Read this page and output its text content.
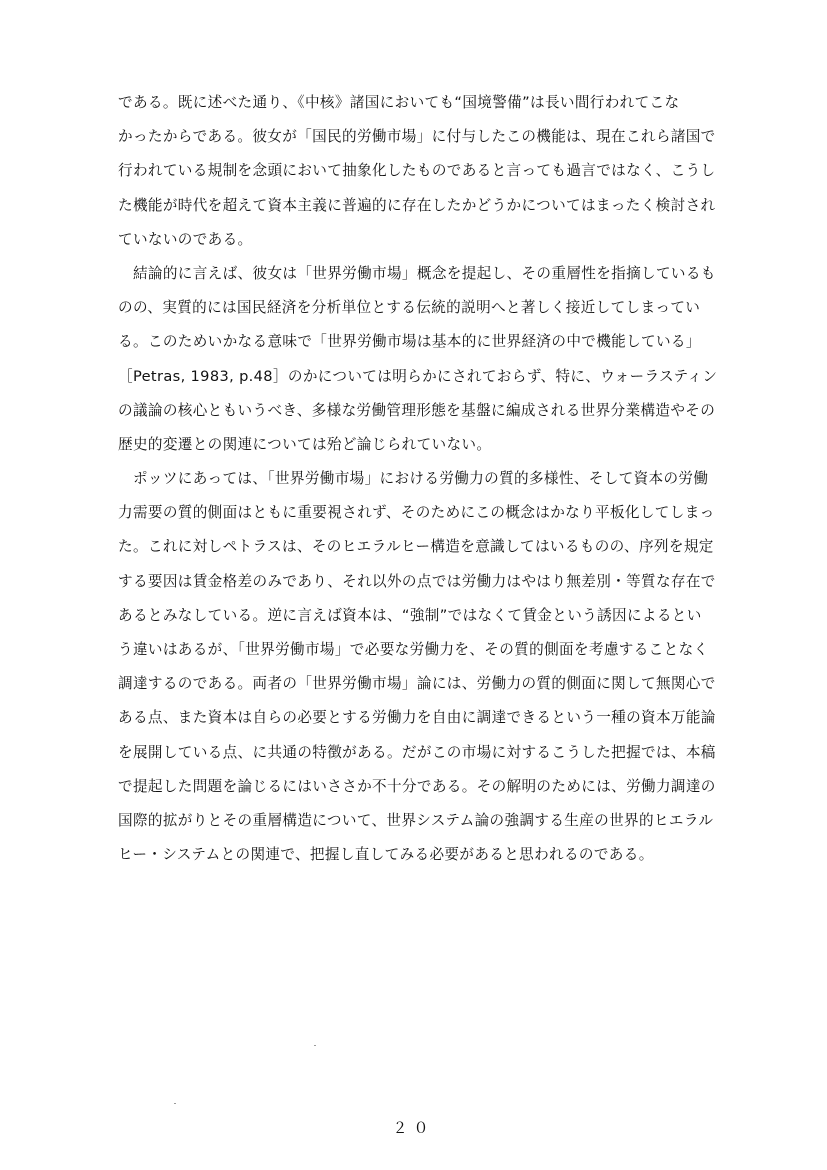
である。既に述べた通り、《中核》諸国においても“国境警備”は長い間行われてこな
かったからである。彼女が「国民的労働市場」に付与したこの機能は、現在これら諸国で
行われている規制を念頭において抽象化したものであると言っても過言ではなく、こうし
た機能が時代を超えて資本主義に普遍的に存在したかどうかについてはまったく検討され
ていないのである。
　結論的に言えば、彼女は「世界労働市場」概念を提起し、その重層性を指摘しているも
のの、実質的には国民経済を分析単位とする伝統的説明へと著しく接近してしまってい
る。このためいかなる意味で「世界労働市場は基本的に世界経済の中で機能している」
［Petras, 1983, p.48］のかについては明らかにされておらず、特に、ウォーラスティン
の議論の核心ともいうべき、多様な労働管理形態を基盤に編成される世界分業構造やその
歴史的変遷との関連については殆ど論じられていない。
　ポッツにあっては、「世界労働市場」における労働力の質的多様性、そして資本の労働
力需要の質的側面はともに重要視されず、そのためにこの概念はかなり平板化してしまっ
た。これに対しペトラスは、そのヒエラルヒー構造を意識してはいるものの、序列を規定
する要因は賃金格差のみであり、それ以外の点では労働力はやはり無差別・等質な存在で
あるとみなしている。逆に言えば資本は、“強制”ではなくて賃金という誘因によるとい
う違いはあるが、「世界労働市場」で必要な労働力を、その質的側面を考慮することなく
調達するのである。両者の「世界労働市場」論には、労働力の質的側面に関して無関心で
ある点、また資本は自らの必要とする労働力を自由に調達できるという一種の資本万能論
を展開している点、に共通の特徴がある。だがこの市場に対するこうした把握では、本稿
で提起した問題を論じるにはいささか不十分である。その解明のためには、労働力調達の
国際的拡がりとその重層構造について、世界システム論の強調する生産の世界的ヒエラル
ヒー・システムとの関連で、把握し直してみる必要があると思われるのである。
２０
